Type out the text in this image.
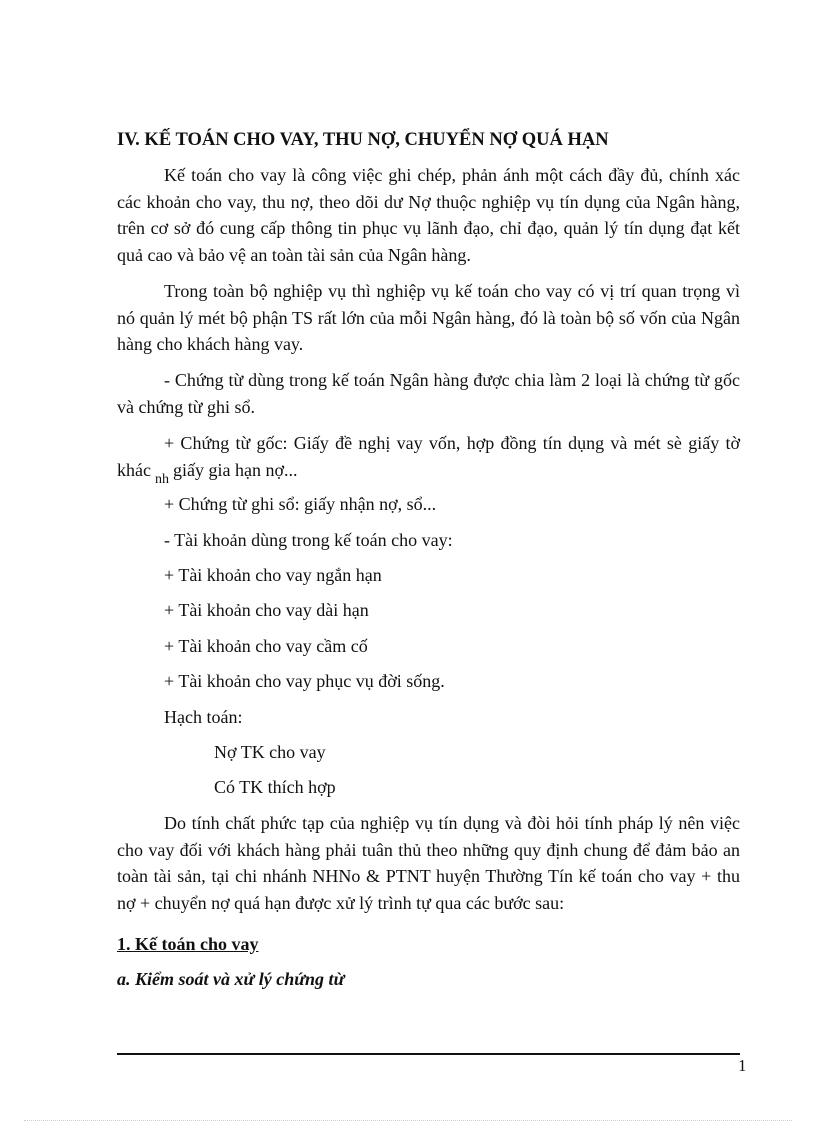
IV. KẾ TOÁN CHO VAY, THU NỢ, CHUYỂN NỢ QUÁ HẠN
Kế toán cho vay là công việc ghi chép, phản ánh một cách đầy đủ, chính xác các khoản cho vay, thu nợ, theo dõi dư Nợ thuộc nghiệp vụ tín dụng của Ngân hàng, trên cơ sở đó cung cấp thông tin phục vụ lãnh đạo, chỉ đạo, quản lý tín dụng đạt kết quả cao và bảo vệ an toàn tài sản của Ngân hàng.
Trong toàn bộ nghiệp vụ thì nghiệp vụ kế toán cho vay có vị trí quan trọng vì nó quản lý mét bộ phận TS rất lớn của mỗi Ngân hàng, đó là toàn bộ số vốn của Ngân hàng cho khách hàng vay.
- Chứng từ dùng trong kế toán Ngân hàng được chia làm 2 loại là chứng từ gốc và chứng từ ghi sổ.
+ Chứng từ gốc: Giấy đề nghị vay vốn, hợp đồng tín dụng và mét sè giấy tờ khác $_{nh}$ giấy gia hạn nợ...
+ Chứng từ ghi sổ: giấy nhận nợ, sổ...
- Tài khoản dùng trong kế toán cho vay:
+ Tài khoản cho vay ngắn hạn
+ Tài khoản cho vay dài hạn
+ Tài khoản cho vay cầm cố
+ Tài khoản cho vay phục vụ đời sống.
Hạch toán:
Nợ TK cho vay
Có TK thích hợp
Do tính chất phức tạp của nghiệp vụ tín dụng và đòi hỏi tính pháp lý nên việc cho vay đối với khách hàng phải tuân thủ theo những quy định chung để đảm bảo an toàn tài sản, tại chi nhánh NHNo & PTNT huyện Thường Tín kế toán cho vay + thu nợ + chuyển nợ quá hạn được xử lý trình tự qua các bước sau:
1. Kế toán cho vay
a. Kiểm soát và xử lý chứng từ
1
